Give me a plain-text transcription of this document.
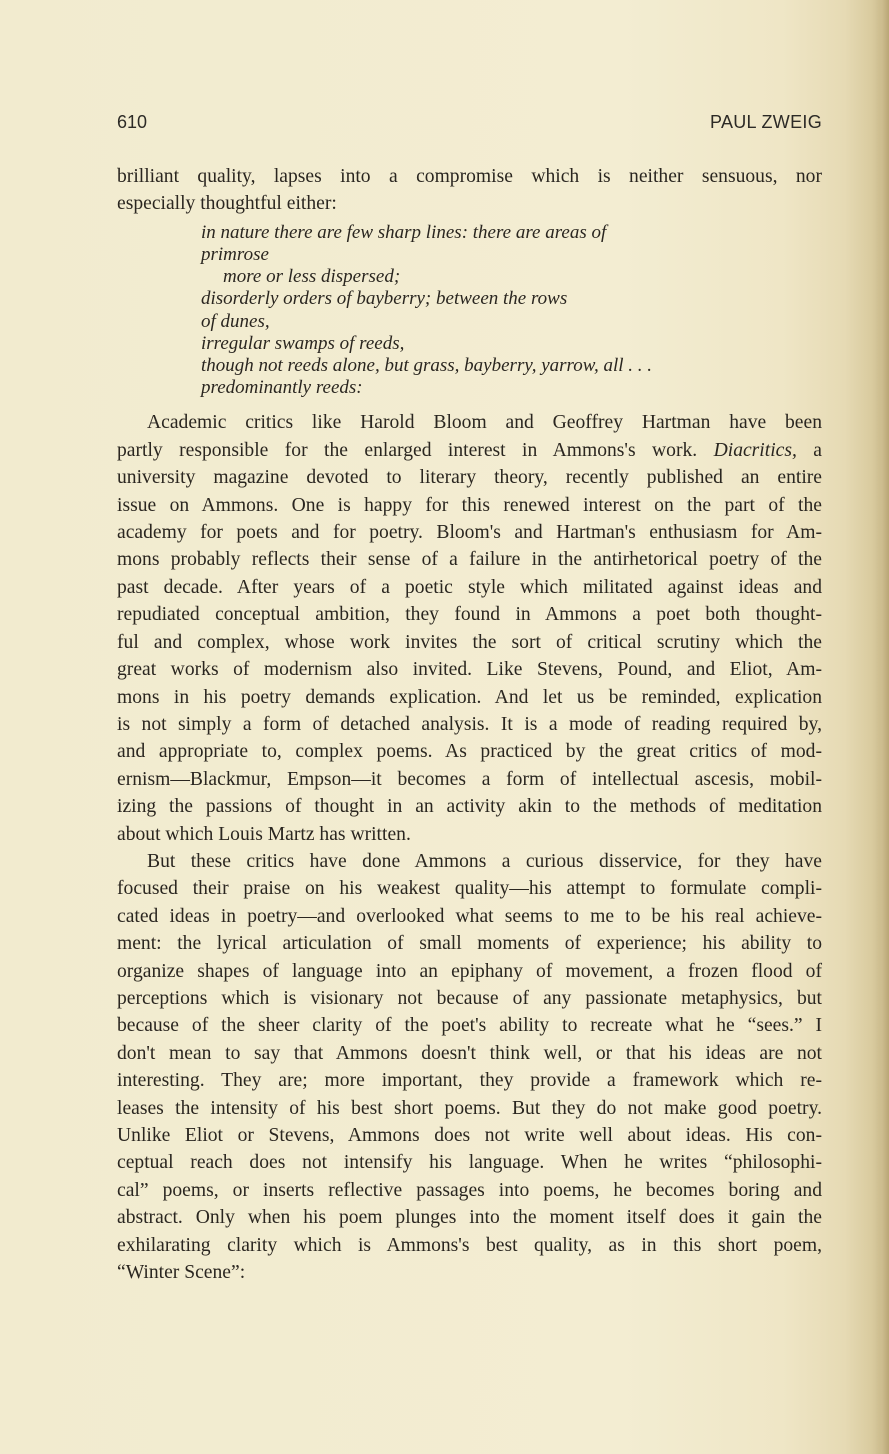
610	PAUL ZWEIG

brilliant quality, lapses into a compromise which is neither sensuous, nor
especially thoughtful either:

in nature there are few sharp lines: there are areas of
primrose
more or less dispersed;
disorderly orders of bayberry; between the rows
of dunes,
irregular swamps of reeds,
though not reeds alone, but grass, bayberry, yarrow, all . . .
predominantly reeds:

Academic critics like Harold Bloom and Geoffrey Hartman have been
partly responsible for the enlarged interest in Ammons's work. Diacritics, a
university magazine devoted to literary theory, recently published an entire
issue on Ammons. One is happy for this renewed interest on the part of the
academy for poets and for poetry. Bloom's and Hartman's enthusiasm for Am-
mons probably reflects their sense of a failure in the antirhetorical poetry of the
past decade. After years of a poetic style which militated against ideas and
repudiated conceptual ambition, they found in Ammons a poet both thought-
ful and complex, whose work invites the sort of critical scrutiny which the
great works of modernism also invited. Like Stevens, Pound, and Eliot, Am-
mons in his poetry demands explication. And let us be reminded, explication
is not simply a form of detached analysis. It is a mode of reading required by,
and appropriate to, complex poems. As practiced by the great critics of mod-
ernism—Blackmur, Empson—it becomes a form of intellectual ascesis, mobil-
izing the passions of thought in an activity akin to the methods of meditation
about which Louis Martz has written.

But these critics have done Ammons a curious disservice, for they have
focused their praise on his weakest quality—his attempt to formulate compli-
cated ideas in poetry—and overlooked what seems to me to be his real achieve-
ment: the lyrical articulation of small moments of experience; his ability to
organize shapes of language into an epiphany of movement, a frozen flood of
perceptions which is visionary not because of any passionate metaphysics, but
because of the sheer clarity of the poet's ability to recreate what he “sees.” I
don't mean to say that Ammons doesn't think well, or that his ideas are not
interesting. They are; more important, they provide a framework which re-
leases the intensity of his best short poems. But they do not make good poetry.
Unlike Eliot or Stevens, Ammons does not write well about ideas. His con-
ceptual reach does not intensify his language. When he writes “philosophi-
cal” poems, or inserts reflective passages into poems, he becomes boring and
abstract. Only when his poem plunges into the moment itself does it gain the
exhilarating clarity which is Ammons's best quality, as in this short poem,
“Winter Scene”:
